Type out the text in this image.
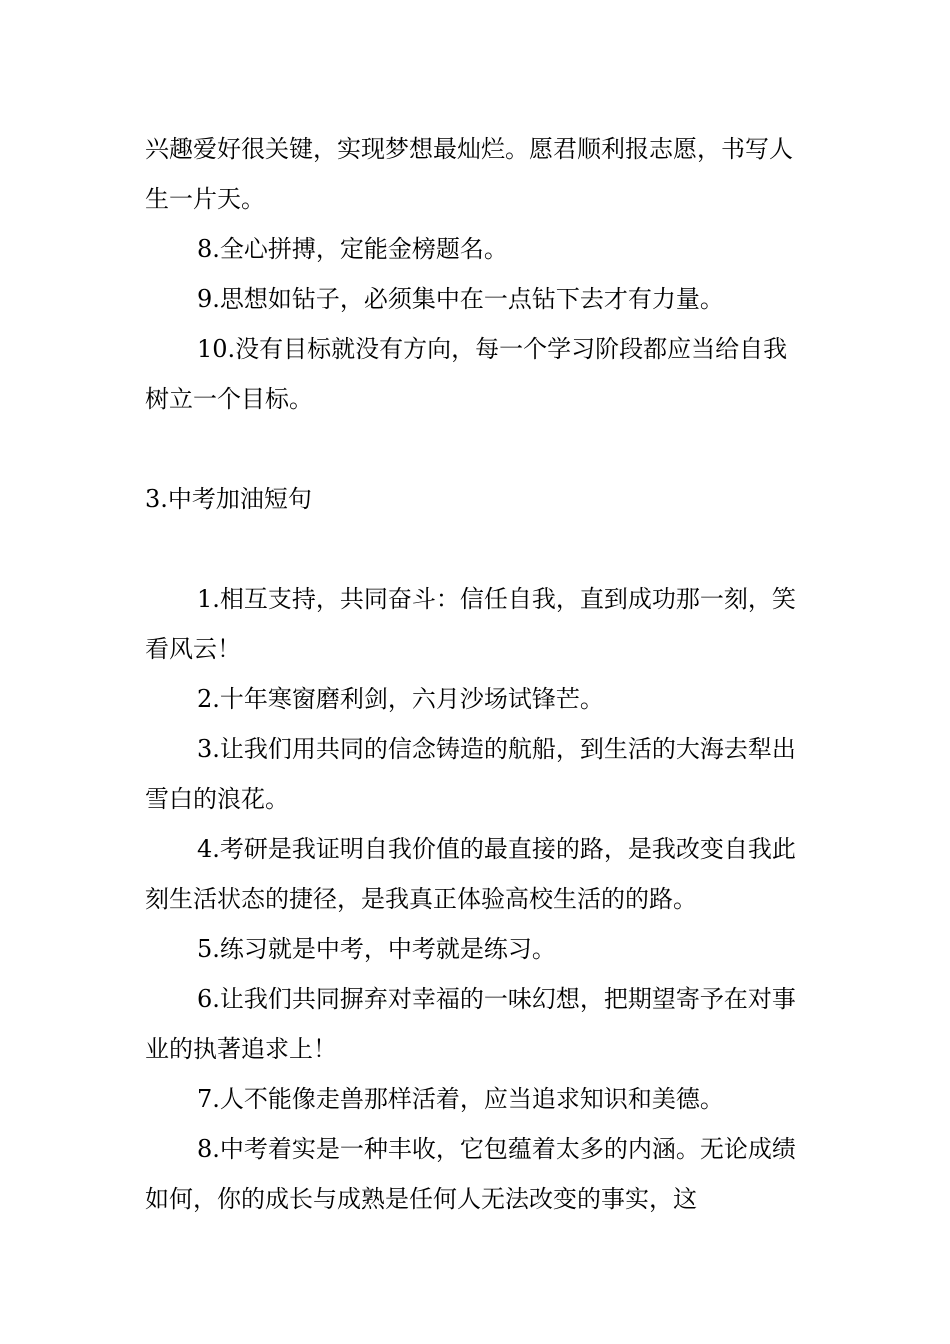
兴趣爱好很关键，实现梦想最灿烂。愿君顺利报志愿，书写人生一片天。

8.全心拼搏，定能金榜题名。

9.思想如钻子，必须集中在一点钻下去才有力量。

10.没有目标就没有方向，每一个学习阶段都应当给自我树立一个目标。

3.中考加油短句

1.相互支持，共同奋斗：信任自我，直到成功那一刻，笑看风云！

2.十年寒窗磨利剑，六月沙场试锋芒。

3.让我们用共同的信念铸造的航船，到生活的大海去犁出雪白的浪花。

4.考研是我证明自我价值的最直接的路，是我改变自我此刻生活状态的捷径，是我真正体验高校生活的的路。

5.练习就是中考，中考就是练习。

6.让我们共同摒弃对幸福的一味幻想，把期望寄予在对事业的执著追求上！

7.人不能像走兽那样活着，应当追求知识和美德。

8.中考着实是一种丰收，它包蕴着太多的内涵。无论成绩如何，你的成长与成熟是任何人无法改变的事实，这
